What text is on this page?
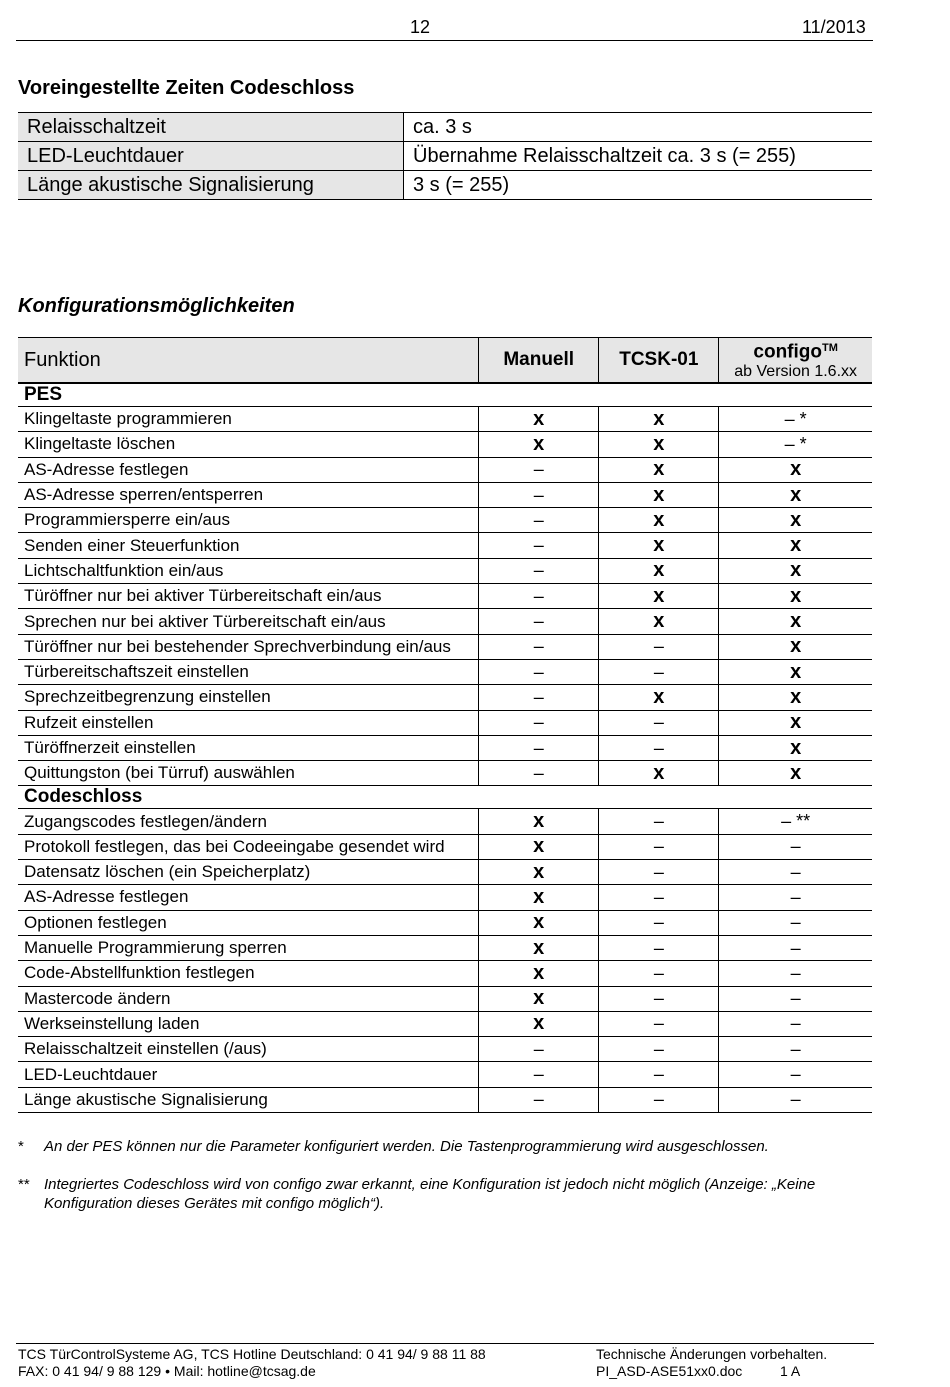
12	11/2013
Voreingestellte Zeiten Codeschloss
Relaisschaltzeit	ca. 3 s
LED-Leuchtdauer	Übernahme Relaisschaltzeit ca. 3 s (= 255)
Länge akustische Signalisierung	3 s (= 255)
Konfigurationsmöglichkeiten
Funktion	Manuell	TCSK-01	configo™
ab Version 1.6.xx
PES			
Klingeltaste programmieren	x	x	– *
Klingeltaste löschen	x	x	– *
AS-Adresse festlegen	–	x	x
AS-Adresse sperren/entsperren	–	x	x
Programmiersperre ein/aus	–	x	x
Senden einer Steuerfunktion	–	x	x
Lichtschaltfunktion ein/aus	–	x	x
Türöffner nur bei aktiver Türbereitschaft ein/aus	–	x	x
Sprechen nur bei aktiver Türbereitschaft ein/aus	–	x	x
Türöffner nur bei bestehender Sprechverbindung ein/aus	–	–	x
Türbereitschaftszeit einstellen	–	–	x
Sprechzeitbegrenzung einstellen	–	x	x
Rufzeit einstellen	–	–	x
Türöffnerzeit einstellen	–	–	x
Quittungston (bei Türruf) auswählen	–	x	x
Codeschloss			
Zugangscodes festlegen/ändern	x	–	– **
Protokoll festlegen, das bei Codeeingabe gesendet wird	x	–	–
Datensatz löschen (ein Speicherplatz)	x	–	–
AS-Adresse festlegen	x	–	–
Optionen festlegen	x	–	–
Manuelle Programmierung sperren	x	–	–
Code-Abstellfunktion festlegen	x	–	–
Mastercode ändern	x	–	–
Werkseinstellung laden	x	–	–
Relaisschaltzeit einstellen (/aus)	–	–	–
LED-Leuchtdauer	–	–	–
Länge akustische Signalisierung	–	–	–
* An der PES können nur die Parameter konfiguriert werden. Die Tastenprogrammierung wird ausgeschlossen.
** Integriertes Codeschloss wird von configo zwar erkannt, eine Konfiguration ist jedoch nicht möglich (Anzeige: „Keine Konfiguration dieses Gerätes mit configo möglich“).
TCS TürControlSysteme AG, TCS Hotline Deutschland: 0 41 94/ 9 88 11 88
FAX: 0 41 94/ 9 88 129 • Mail: hotline@tcsag.de
Technische Änderungen vorbehalten.
PI_ASD-ASE51xx0.doc	1 A
